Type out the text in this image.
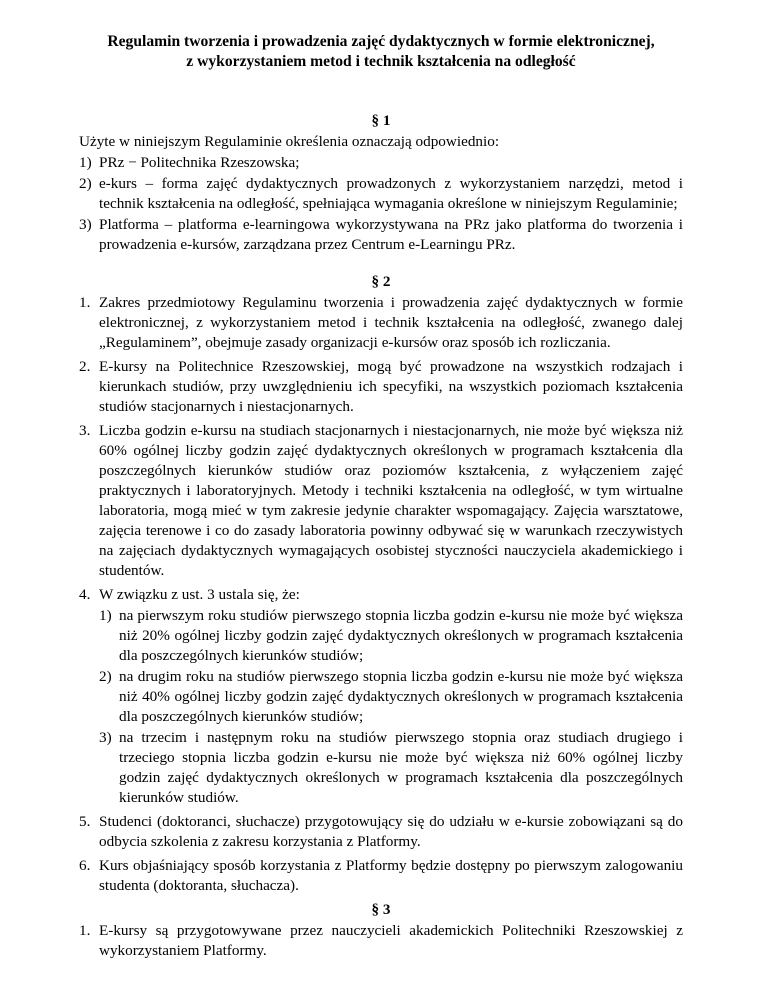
Regulamin tworzenia i prowadzenia zajęć dydaktycznych w formie elektronicznej,
z wykorzystaniem metod i technik kształcenia na odległość
§ 1

Użyte w niniejszym Regulaminie określenia oznaczają odpowiednio:

1) PRz − Politechnika Rzeszowska;
2) e-kurs – forma zajęć dydaktycznych prowadzonych z wykorzystaniem narzędzi, metod i technik kształcenia na odległość, spełniająca wymagania określone w niniejszym Regulaminie;
3) Platforma – platforma e-learningowa wykorzystywana na PRz jako platforma do tworzenia i prowadzenia e-kursów, zarządzana przez Centrum e-Learningu PRz.
§ 2
1. Zakres przedmiotowy Regulaminu tworzenia i prowadzenia zajęć dydaktycznych w formie elektronicznej, z wykorzystaniem metod i technik kształcenia na odległość, zwanego dalej „Regulaminem”, obejmuje zasady organizacji e-kursów oraz sposób ich rozliczania.
2. E-kursy na Politechnice Rzeszowskiej, mogą być prowadzone na wszystkich rodzajach i kierunkach studiów, przy uwzględnieniu ich specyfiki, na wszystkich poziomach kształcenia studiów stacjonarnych i niestacjonarnych.
3. Liczba godzin e-kursu na studiach stacjonarnych i niestacjonarnych, nie może być większa niż 60% ogólnej liczby godzin zajęć dydaktycznych określonych w programach kształcenia dla poszczególnych kierunków studiów oraz poziomów kształcenia, z wyłączeniem zajęć praktycznych i laboratoryjnych. Metody i techniki kształcenia na odległość, w tym wirtualne laboratoria, mogą mieć w tym zakresie jedynie charakter wspomagający. Zajęcia warsztatowe, zajęcia terenowe i co do zasady laboratoria powinny odbywać się w warunkach rzeczywistych na zajęciach dydaktycznych wymagających osobistej styczności nauczyciela akademickiego i studentów.
4. W związku z ust. 3 ustala się, że:
1) na pierwszym roku studiów pierwszego stopnia liczba godzin e-kursu nie może być większa niż 20% ogólnej liczby godzin zajęć dydaktycznych określonych w programach kształcenia dla poszczególnych kierunków studiów;
2) na drugim roku na studiów pierwszego stopnia liczba godzin e-kursu nie może być większa niż 40% ogólnej liczby godzin zajęć dydaktycznych określonych w programach kształcenia dla poszczególnych kierunków studiów;
3) na trzecim i następnym roku na studiów pierwszego stopnia oraz studiach drugiego i trzeciego stopnia liczba godzin e-kursu nie może być większa niż 60% ogólnej liczby godzin zajęć dydaktycznych określonych w programach kształcenia dla poszczególnych kierunków studiów.
5. Studenci (doktoranci, słuchacze) przygotowujący się do udziału w e-kursie zobowiązani są do odbycia szkolenia z zakresu korzystania z Platformy.
6. Kurs objaśniający sposób korzystania z Platformy będzie dostępny po pierwszym zalogowaniu studenta (doktoranta, słuchacza).
§ 3
1. E-kursy są przygotowywane przez nauczycieli akademickich Politechniki Rzeszowskiej z wykorzystaniem Platformy.
